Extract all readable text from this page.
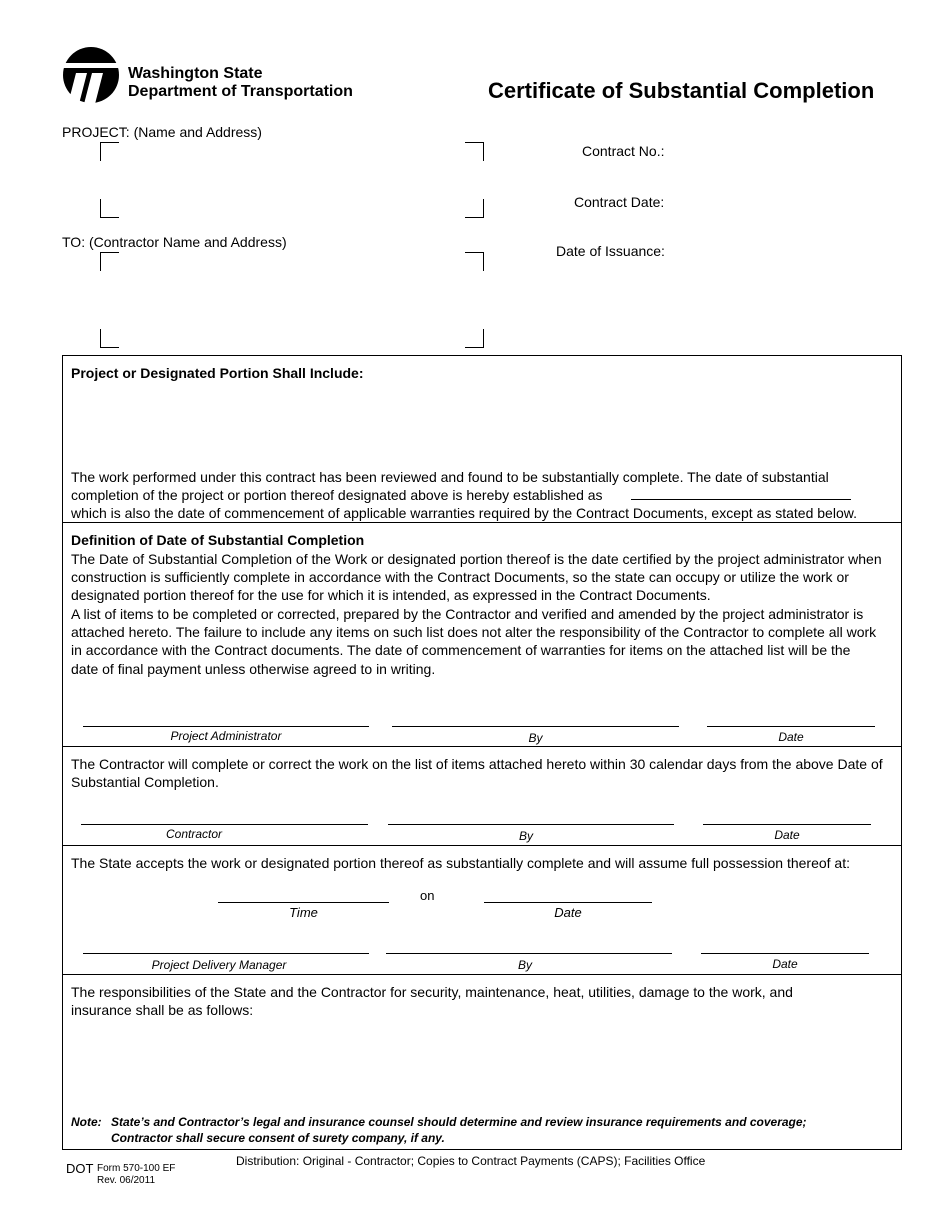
Washington State
Department of Transportation	Certificate of Substantial Completion
PROJECT: (Name and Address)
Contract No.:
Contract Date:
TO: (Contractor Name and Address)
Date of Issuance:
Project or Designated Portion Shall Include:
The work performed under this contract has been reviewed and found to be substantially complete. The date of substantial
completion of the project or portion thereof designated above is hereby established as
which is also the date of commencement of applicable warranties required by the Contract Documents, except as stated below.
Definition of Date of Substantial Completion
The Date of Substantial Completion of the Work or designated portion thereof is the date certified by the project administrator when
construction is sufficiently complete in accordance with the Contract Documents, so the state can occupy or utilize the work or
designated portion thereof for the use for which it is intended, as expressed in the Contract Documents.
A list of items to be completed or corrected, prepared by the Contractor and verified and amended by the project administrator is
attached hereto. The failure to include any items on such list does not alter the responsibility of the Contractor to complete all work
in accordance with the Contract documents. The date of commencement of warranties for items on the attached list will be the
date of final payment unless otherwise agreed to in writing.
Project Administrator	By	Date
The Contractor will complete or correct the work on the list of items attached hereto within 30 calendar days from the above Date of
Substantial Completion.
Contractor	By	Date
The State accepts the work or designated portion thereof as substantially complete and will assume full possession thereof at:
Time
on
Date
Project Delivery Manager	By	Date
The responsibilities of the State and the Contractor for security, maintenance, heat, utilities, damage to the work, and
insurance shall be as follows:
Note: State’s and Contractor’s legal and insurance counsel should determine and review insurance requirements and coverage;
Contractor shall secure consent of surety company, if any.
DOT Form 570-100 EF
Rev. 06/2011
Distribution: Original - Contractor; Copies to Contract Payments (CAPS); Facilities Office
